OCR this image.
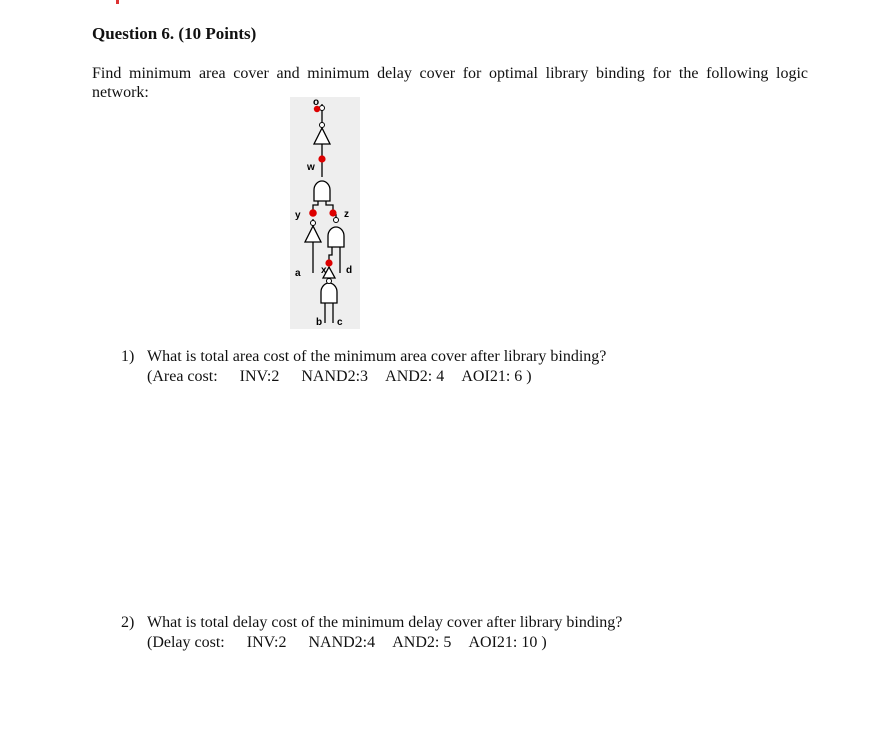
Question 6. (10 Points)
Find minimum area cover and minimum delay cover for optimal library binding for the following logic network:
o
w
y	z
a x d
b c
1) What is total area cost of the minimum area cover after library binding?
(Area cost: INV:2 NAND2:3 AND2: 4 AOI21: 6 )
2) What is total delay cost of the minimum delay cover after library binding?
(Delay cost: INV:2 NAND2:4 AND2: 5 AOI21: 10 )
